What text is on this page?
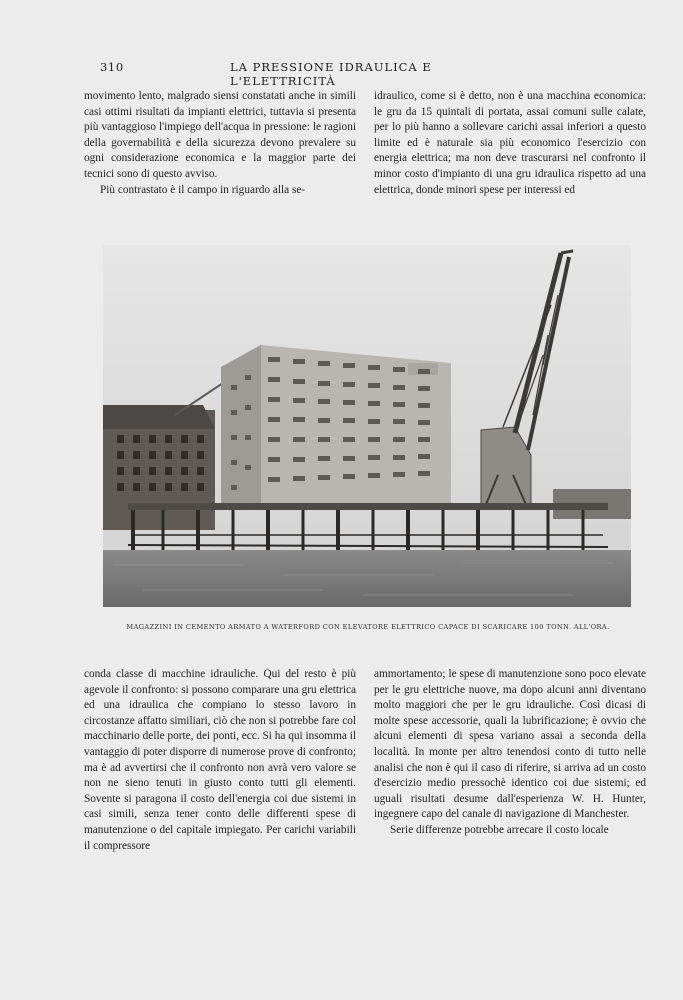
310	LA PRESSIONE IDRAULICA E L'ELETTRICITÀ

movimento lento, malgrado siensi constatati anche in simili casi ottimi risultati da impianti elettrici, tuttavia si presenta più vantaggioso l'impiego dell'acqua in pressione: le ragioni della governabilità e della sicurezza devono prevalere su ogni considerazione economica e la maggior parte dei tecnici sono di questo avviso.

Più contrastato è il campo in riguardo alla se-

idraulico, come si è detto, non è una macchina economica: le gru da 15 quintali di portata, assai comuni sulle calate, per lo più hanno a sollevare carichi assai inferiori a questo limite ed è naturale sia più economico l'esercizio con energia elettrica; ma non deve trascurarsi nel confronto il minor costo d'impianto di una gru idraulica rispetto ad una elettrica, donde minori spese per interessi ed

MAGAZZINI IN CEMENTO ARMATO A WATERFORD CON ELEVATORE ELETTRICO CAPACE DI SCARICARE 100 TONN. ALL'ORA.

conda classe di macchine idrauliche. Qui del resto è più agevole il confronto: si possono comparare una gru elettrica ed una idraulica che compiano lo stesso lavoro in circostanze affatto similiari, ciò che non si potrebbe fare col macchinario delle porte, dei ponti, ecc. Si ha qui insomma il vantaggio di poter disporre di numerose prove di confronto; ma è ad avvertirsi che il confronto non avrà vero valore se non ne sieno tenuti in giusto conto tutti gli elementi. Sovente si paragona il costo dell'energia coi due sistemi in casi simili, senza tener conto delle differenti spese di manutenzione o del capitale impiegato. Per carichi variabili il compressore

ammortamento; le spese di manutenzione sono poco elevate per le gru elettriche nuove, ma dopo alcuni anni diventano molto maggiori che per le gru idrauliche. Così dicasi di molte spese accessorie, quali la lubrificazione; è ovvio che alcuni elementi di spesa variano assai a seconda della località. In monte per altro tenendosi conto di tutto nelle analisi che non è qui il caso di riferire, si arriva ad un costo d'esercizio medio pressochè identico coi due sistemi; ed uguali risultati desume dall'esperienza W. H. Hunter, ingegnere capo del canale di navigazione di Manchester.

Serie differenze potrebbe arrecare il costo locale
